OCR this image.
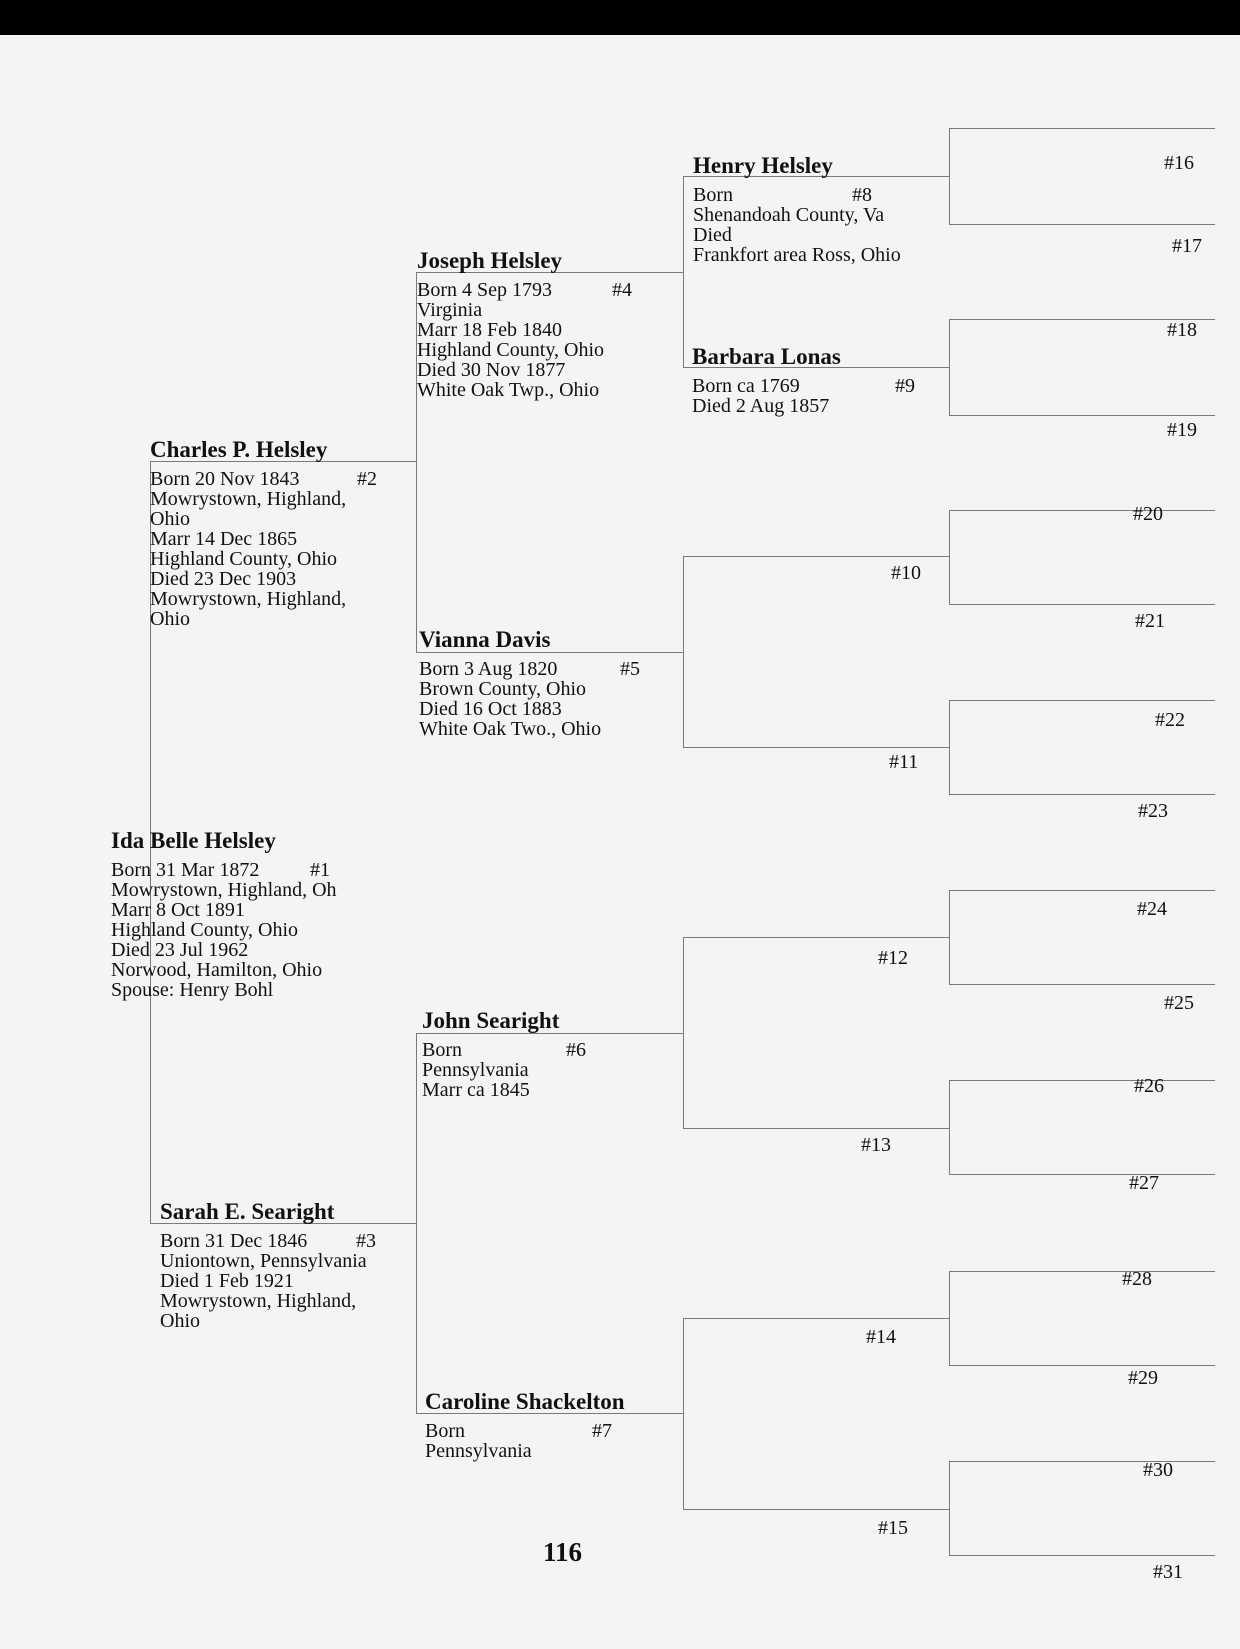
Ida Belle Helsley
#1
Born 31 Mar 1872
Mowrystown, Highland, Oh
Marr 8 Oct 1891
Highland County, Ohio
Died 23 Jul 1962
Norwood, Hamilton, Ohio
Spouse: Henry Bohl
Charles P. Helsley
#2
Born 20 Nov 1843
Mowrystown, Highland,
Ohio
Marr 14 Dec 1865
Highland County, Ohio
Died 23 Dec 1903
Mowrystown, Highland,
Ohio
Sarah E. Searight
#3
Born 31 Dec 1846
Uniontown, Pennsylvania
Died 1 Feb 1921
Mowrystown, Highland,
Ohio
Joseph Helsley
#4
Born 4 Sep 1793
Virginia
Marr 18 Feb 1840
Highland County, Ohio
Died 30 Nov 1877
White Oak Twp., Ohio
Vianna Davis
#5
Born 3 Aug 1820
Brown County, Ohio
Died 16 Oct 1883
White Oak Two., Ohio
John Searight
#6
Born
Pennsylvania
Marr ca 1845
Caroline Shackelton
#7
Born
Pennsylvania
Henry Helsley
#8
Born
Shenandoah County, Va
Died
Frankfort area Ross, Ohio
Barbara Lonas
#9
Born ca 1769
Died 2 Aug 1857
#10
#11
#12
#13
#14
#15
#16
#17
#18
#19
#20
#21
#22
#23
#24
#25
#26
#27
#28
#29
#30
#31
116
